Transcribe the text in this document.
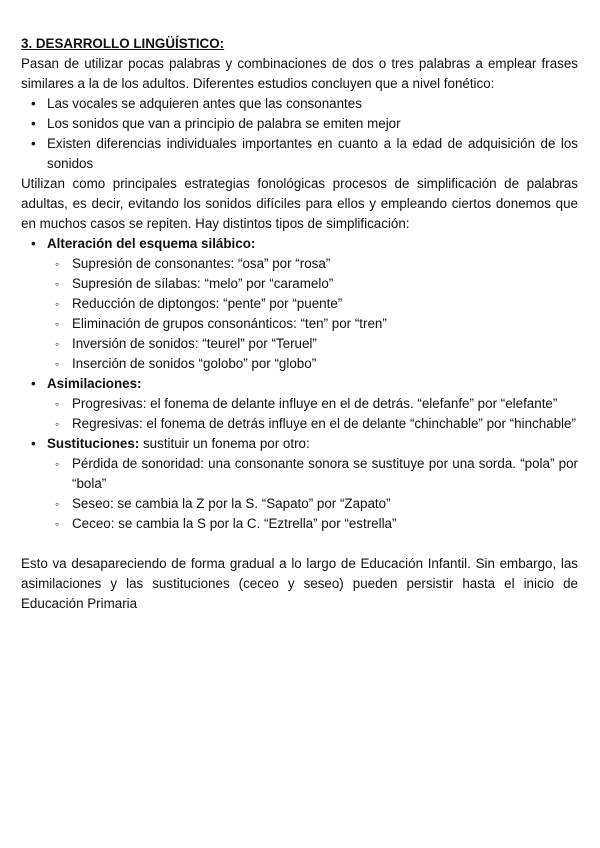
3. DESARROLLO LINGÜÍSTICO:

Pasan de utilizar pocas palabras y combinaciones de dos o tres palabras a emplear frases similares a la de los adultos. Diferentes estudios concluyen que a nivel fonético:

• Las vocales se adquieren antes que las consonantes
• Los sonidos que van a principio de palabra se emiten mejor
• Existen diferencias individuales importantes en cuanto a la edad de adquisición de los sonidos

Utilizan como principales estrategias fonológicas procesos de simplificación de palabras adultas, es decir, evitando los sonidos difíciles para ellos y empleando ciertos donemos que en muchos casos se repiten. Hay distintos tipos de simplificación:

• Alteración del esquema silábico:
◦ Supresión de consonantes: “osa” por “rosa”
◦ Supresión de sílabas: “melo” por “caramelo”
◦ Reducción de diptongos: “pente” por “puente”
◦ Eliminación de grupos consonánticos: “ten” por “tren”
◦ Inversión de sonidos: “teurel” por “Teruel”
◦ Inserción de sonidos “golobo” por “globo”
• Asimilaciones:
◦ Progresivas: el fonema de delante influye en el de detrás. “elefanfe” por “elefante”
◦ Regresivas: el fonema de detrás influye en el de delante “chinchable” por “hinchable”
• Sustituciones: sustituir un fonema por otro:
◦ Pérdida de sonoridad: una consonante sonora se sustituye por una sorda. “pola” por “bola”
◦ Seseo: se cambia la Z por la S. “Sapato” por “Zapato”
◦ Ceceo: se cambia la S por la C. “Eztrella” por “estrella”

Esto va desapareciendo de forma gradual a lo largo de Educación Infantil. Sin embargo, las asimilaciones y las sustituciones (ceceo y seseo) pueden persistir hasta el inicio de Educación Primaria
